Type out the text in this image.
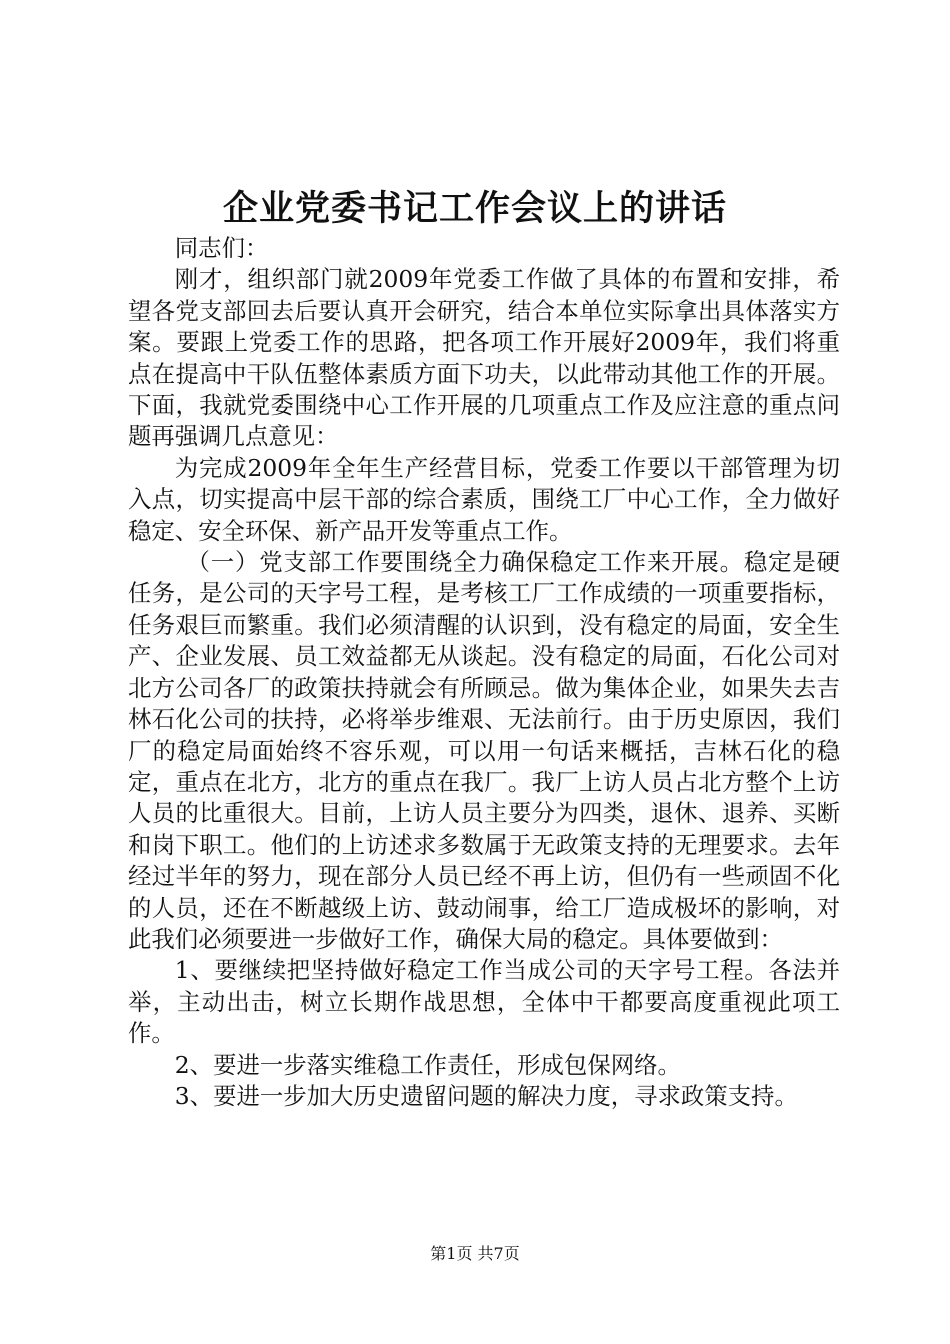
企业党委书记工作会议上的讲话

同志们：

刚才，组织部门就2009年党委工作做了具体的布置和安排，希望各党支部回去后要认真开会研究，结合本单位实际拿出具体落实方案。要跟上党委工作的思路，把各项工作开展好2009年，我们将重点在提高中干队伍整体素质方面下功夫，以此带动其他工作的开展。下面，我就党委围绕中心工作开展的几项重点工作及应注意的重点问题再强调几点意见：

为完成2009年全年生产经营目标，党委工作要以干部管理为切入点，切实提高中层干部的综合素质，围绕工厂中心工作，全力做好稳定、安全环保、新产品开发等重点工作。

（一）党支部工作要围绕全力确保稳定工作来开展。稳定是硬任务，是公司的天字号工程，是考核工厂工作成绩的一项重要指标，任务艰巨而繁重。我们必须清醒的认识到，没有稳定的局面，安全生产、企业发展、员工效益都无从谈起。没有稳定的局面，石化公司对北方公司各厂的政策扶持就会有所顾忌。做为集体企业，如果失去吉林石化公司的扶持，必将举步维艰、无法前行。由于历史原因，我们厂的稳定局面始终不容乐观，可以用一句话来概括，吉林石化的稳定，重点在北方，北方的重点在我厂。我厂上访人员占北方整个上访人员的比重很大。目前，上访人员主要分为四类，退休、退养、买断和岗下职工。他们的上访述求多数属于无政策支持的无理要求。去年经过半年的努力，现在部分人员已经不再上访，但仍有一些顽固不化的人员，还在不断越级上访、鼓动闹事，给工厂造成极坏的影响，对此我们必须要进一步做好工作，确保大局的稳定。具体要做到：

1、要继续把坚持做好稳定工作当成公司的天字号工程。各法并举，主动出击，树立长期作战思想，全体中干都要高度重视此项工作。

2、要进一步落实维稳工作责任，形成包保网络。

3、要进一步加大历史遗留问题的解决力度，寻求政策支持。

第1页 共7页
